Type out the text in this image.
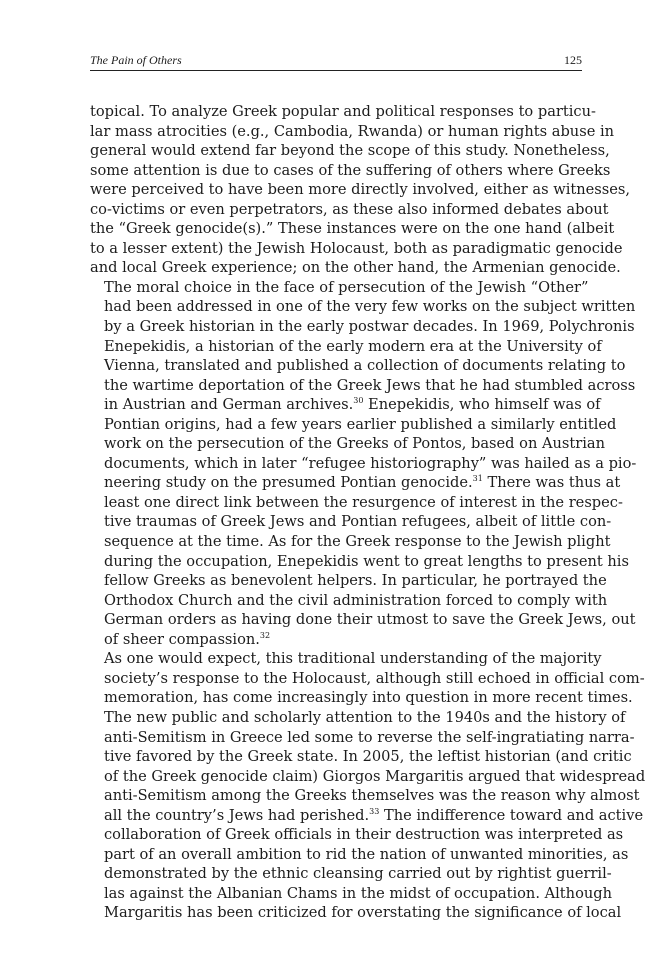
The Pain of Others	125
topical. To analyze Greek popular and political responses to particu-
lar mass atrocities (e.g., Cambodia, Rwanda) or human rights abuse in
general would extend far beyond the scope of this study. Nonetheless,
some attention is due to cases of the suffering of others where Greeks
were perceived to have been more directly involved, either as witnesses,
co-victims or even perpetrators, as these also informed debates about
the “Greek genocide(s).” These instances were on the one hand (albeit
to a lesser extent) the Jewish Holocaust, both as paradigmatic genocide
and local Greek experience; on the other hand, the Armenian genocide.
The moral choice in the face of persecution of the Jewish “Other”
had been addressed in one of the very few works on the subject written
by a Greek historian in the early postwar decades. In 1969, Polychronis
Enepekidis, a historian of the early modern era at the University of
Vienna, translated and published a collection of documents relating to
the wartime deportation of the Greek Jews that he had stumbled across
in Austrian and German archives.$^{30}$ Enepekidis, who himself was of
Pontian origins, had a few years earlier published a similarly entitled
work on the persecution of the Greeks of Pontos, based on Austrian
documents, which in later “refugee historiography” was hailed as a pio-
neering study on the presumed Pontian genocide.$^{31}$ There was thus at
least one direct link between the resurgence of interest in the respec-
tive traumas of Greek Jews and Pontian refugees, albeit of little con-
sequence at the time. As for the Greek response to the Jewish plight
during the occupation, Enepekidis went to great lengths to present his
fellow Greeks as benevolent helpers. In particular, he portrayed the
Orthodox Church and the civil administration forced to comply with
German orders as having done their utmost to save the Greek Jews, out
of sheer compassion.$^{32}$
As one would expect, this traditional understanding of the majority
society’s response to the Holocaust, although still echoed in official com-
memoration, has come increasingly into question in more recent times.
The new public and scholarly attention to the 1940s and the history of
anti-Semitism in Greece led some to reverse the self-ingratiating narra-
tive favored by the Greek state. In 2005, the leftist historian (and critic
of the Greek genocide claim) Giorgos Margaritis argued that widespread
anti-Semitism among the Greeks themselves was the reason why almost
all the country’s Jews had perished.$^{33}$ The indifference toward and active
collaboration of Greek officials in their destruction was interpreted as
part of an overall ambition to rid the nation of unwanted minorities, as
demonstrated by the ethnic cleansing carried out by rightist guerril-
las against the Albanian Chams in the midst of occupation. Although
Margaritis has been criticized for overstating the significance of local
